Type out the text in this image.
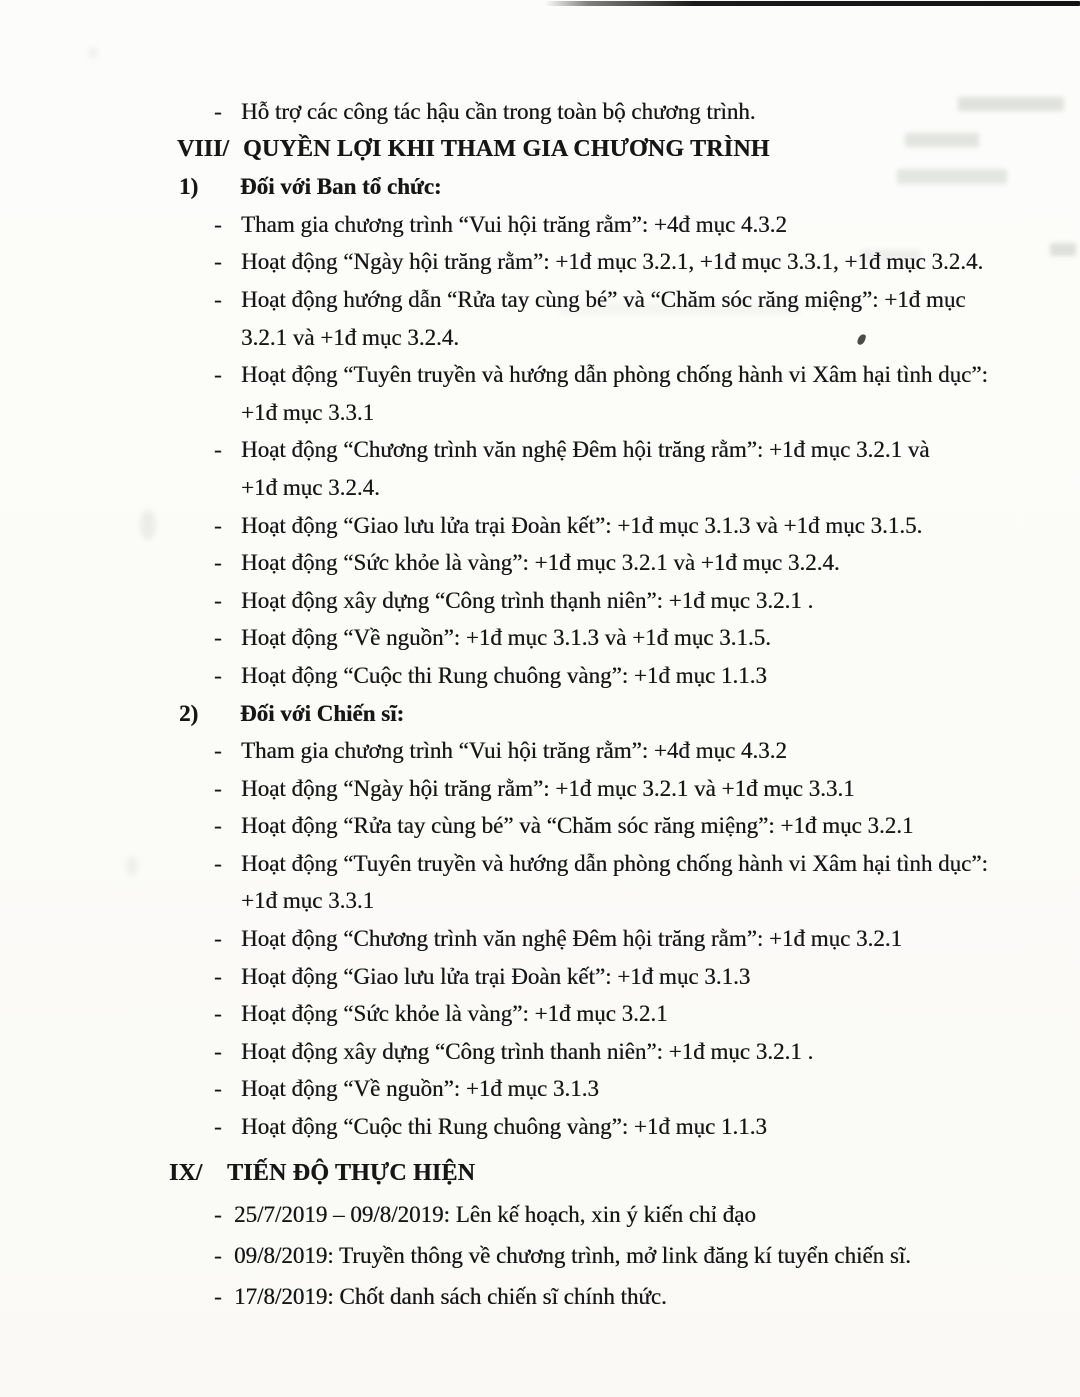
- Hỗ trợ các công tác hậu cần trong toàn bộ chương trình.
VIII/ QUYỀN LỢI KHI THAM GIA CHƯƠNG TRÌNH
1) Đối với Ban tổ chức:
- Tham gia chương trình “Vui hội trăng rằm”: +4đ mục 4.3.2
- Hoạt động “Ngày hội trăng rằm”: +1đ mục 3.2.1, +1đ mục 3.3.1, +1đ mục 3.2.4.
- Hoạt động hướng dẫn “Rửa tay cùng bé” và “Chăm sóc răng miệng”: +1đ mục
3.2.1 và +1đ mục 3.2.4.
- Hoạt động “Tuyên truyền và hướng dẫn phòng chống hành vi Xâm hại tình dục”:
+1đ mục 3.3.1
- Hoạt động “Chương trình văn nghệ Đêm hội trăng rằm”: +1đ mục 3.2.1 và
+1đ mục 3.2.4.
- Hoạt động “Giao lưu lửa trại Đoàn kết”: +1đ mục 3.1.3 và +1đ mục 3.1.5.
- Hoạt động “Sức khỏe là vàng”: +1đ mục 3.2.1 và +1đ mục 3.2.4.
- Hoạt động xây dựng “Công trình thạnh niên”: +1đ mục 3.2.1 .
- Hoạt động “Về nguồn”: +1đ mục 3.1.3 và +1đ mục 3.1.5.
- Hoạt động “Cuộc thi Rung chuông vàng”: +1đ mục 1.1.3
2) Đối với Chiến sĩ:
- Tham gia chương trình “Vui hội trăng rằm”: +4đ mục 4.3.2
- Hoạt động “Ngày hội trăng rằm”: +1đ mục 3.2.1 và +1đ mục 3.3.1
- Hoạt động “Rửa tay cùng bé” và “Chăm sóc răng miệng”: +1đ mục 3.2.1
- Hoạt động “Tuyên truyền và hướng dẫn phòng chống hành vi Xâm hại tình dục”:
+1đ mục 3.3.1
- Hoạt động “Chương trình văn nghệ Đêm hội trăng rằm”: +1đ mục 3.2.1
- Hoạt động “Giao lưu lửa trại Đoàn kết”: +1đ mục 3.1.3
- Hoạt động “Sức khỏe là vàng”: +1đ mục 3.2.1
- Hoạt động xây dựng “Công trình thanh niên”: +1đ mục 3.2.1 .
- Hoạt động “Về nguồn”: +1đ mục 3.1.3
- Hoạt động “Cuộc thi Rung chuông vàng”: +1đ mục 1.1.3
IX/ TIẾN ĐỘ THỰC HIỆN
- 25/7/2019 – 09/8/2019: Lên kế hoạch, xin ý kiến chỉ đạo
- 09/8/2019: Truyền thông về chương trình, mở link đăng kí tuyển chiến sĩ.
- 17/8/2019: Chốt danh sách chiến sĩ chính thức.
